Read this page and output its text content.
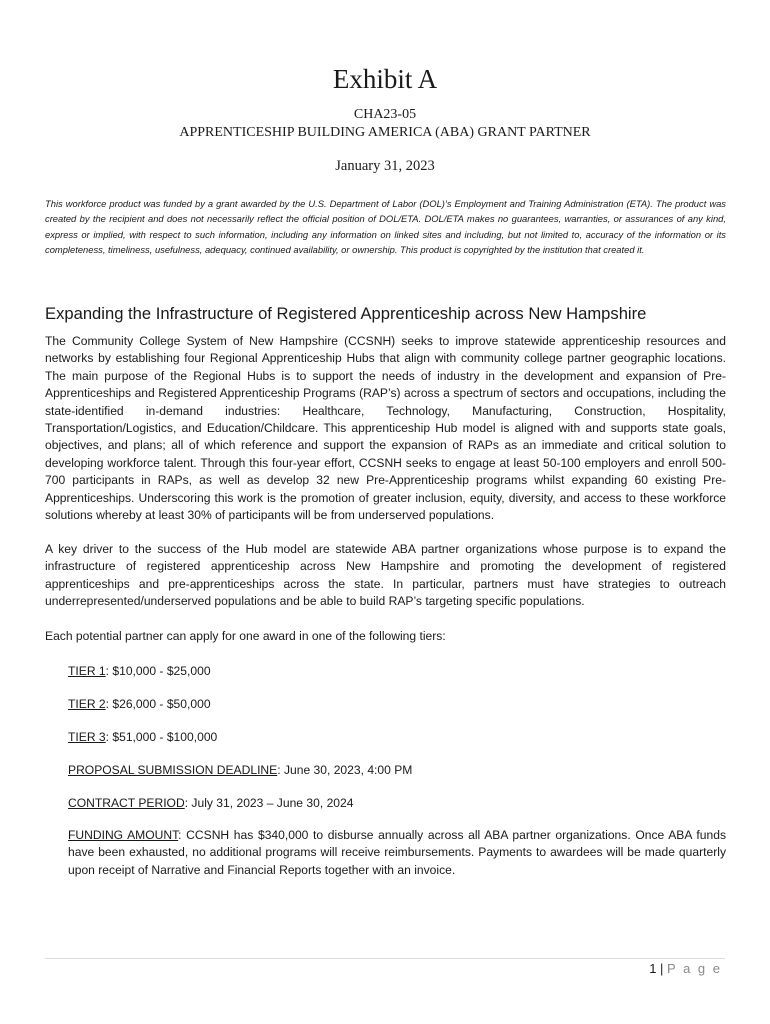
Exhibit A
CHA23-05
APPRENTICESHIP BUILDING AMERICA (ABA) GRANT PARTNER
January 31, 2023
This workforce product was funded by a grant awarded by the U.S. Department of Labor (DOL)’s Employment and Training Administration (ETA). The product was created by the recipient and does not necessarily reflect the official position of DOL/ETA. DOL/ETA makes no guarantees, warranties, or assurances of any kind, express or implied, with respect to such information, including any information on linked sites and including, but not limited to, accuracy of the information or its completeness, timeliness, usefulness, adequacy, continued availability, or ownership. This product is copyrighted by the institution that created it.
Expanding the Infrastructure of Registered Apprenticeship across New Hampshire
The Community College System of New Hampshire (CCSNH) seeks to improve statewide apprenticeship resources and networks by establishing four Regional Apprenticeship Hubs that align with community college partner geographic locations. The main purpose of the Regional Hubs is to support the needs of industry in the development and expansion of Pre-Apprenticeships and Registered Apprenticeship Programs (RAP’s) across a spectrum of sectors and occupations, including the state-identified in-demand industries: Healthcare, Technology, Manufacturing, Construction, Hospitality, Transportation/Logistics, and Education/Childcare. This apprenticeship Hub model is aligned with and supports state goals, objectives, and plans; all of which reference and support the expansion of RAPs as an immediate and critical solution to developing workforce talent. Through this four-year effort, CCSNH seeks to engage at least 50-100 employers and enroll 500-700 participants in RAPs, as well as develop 32 new Pre-Apprenticeship programs whilst expanding 60 existing Pre-Apprenticeships. Underscoring this work is the promotion of greater inclusion, equity, diversity, and access to these workforce solutions whereby at least 30% of participants will be from underserved populations.
A key driver to the success of the Hub model are statewide ABA partner organizations whose purpose is to expand the infrastructure of registered apprenticeship across New Hampshire and promoting the development of registered apprenticeships and pre-apprenticeships across the state. In particular, partners must have strategies to outreach underrepresented/underserved populations and be able to build RAP’s targeting specific populations.
Each potential partner can apply for one award in one of the following tiers:
TIER 1: $10,000 - $25,000
TIER 2: $26,000 - $50,000
TIER 3: $51,000 - $100,000
PROPOSAL SUBMISSION DEADLINE: June 30, 2023, 4:00 PM
CONTRACT PERIOD: July 31, 2023 – June 30, 2024
FUNDING AMOUNT: CCSNH has $340,000 to disburse annually across all ABA partner organizations. Once ABA funds have been exhausted, no additional programs will receive reimbursements. Payments to awardees will be made quarterly upon receipt of Narrative and Financial Reports together with an invoice.
1 | P a g e
